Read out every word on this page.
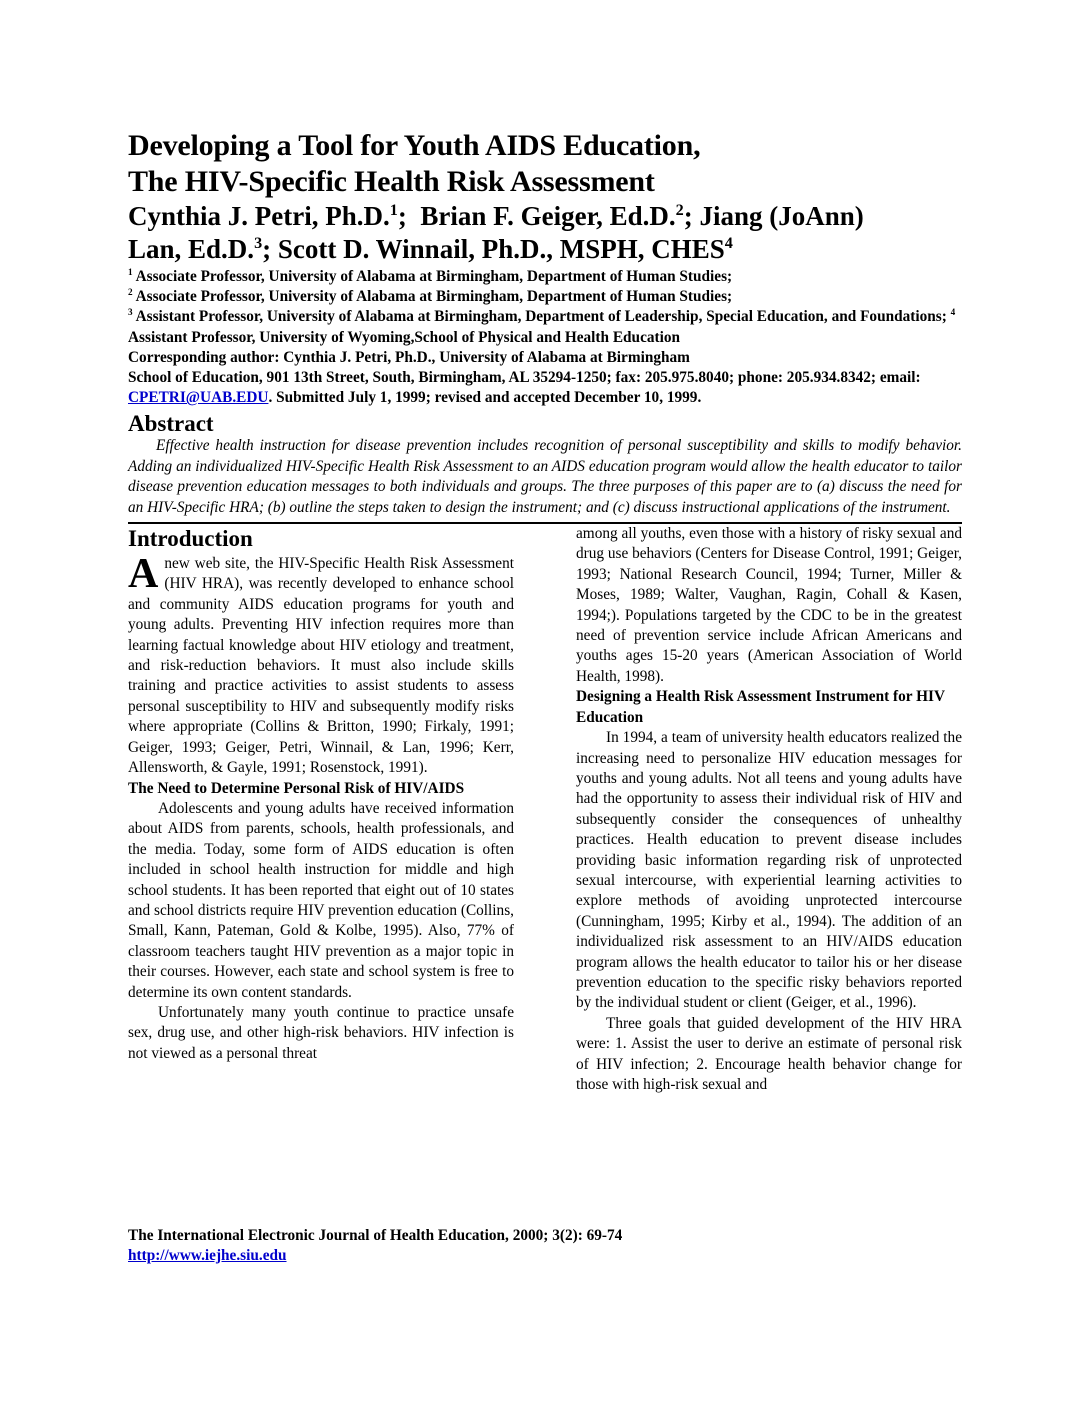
Developing a Tool for Youth AIDS Education,
The HIV-Specific Health Risk Assessment
Cynthia J. Petri, Ph.D.$^1$;  Brian F. Geiger, Ed.D.$^2$; Jiang (JoAnn)
Lan, Ed.D.$^3$; Scott D. Winnail, Ph.D., MSPH, CHES$^4$
$^1$ Associate Professor, University of Alabama at Birmingham, Department of Human Studies;
$^2$ Associate Professor, University of Alabama at Birmingham, Department of Human Studies;
$^3$ Assistant Professor, University of Alabama at Birmingham, Department of Leadership, Special Education, and Foundations; $^4$ Assistant Professor, University of Wyoming,School of Physical and Health Education
Corresponding author: Cynthia J. Petri, Ph.D., University of Alabama at Birmingham
School of Education, 901 13th Street, South, Birmingham, AL 35294-1250; fax: 205.975.8040; phone: 205.934.8342; email: CPETRI@UAB.EDU. Submitted July 1, 1999; revised and accepted December 10, 1999.
Abstract

Effective health instruction for disease prevention includes recognition of personal susceptibility and skills to modify behavior. Adding an individualized HIV-Specific Health Risk Assessment to an AIDS education program would allow the health educator to tailor disease prevention education messages to both individuals and groups. The three purposes of this paper are to (a) discuss the need for an HIV-Specific HRA; (b) outline the steps taken to design the instrument; and (c) discuss instructional applications of the instrument.

Introduction

A new web site, the HIV-Specific Health Risk Assessment (HIV HRA), was recently developed to enhance school and community AIDS education programs for youth and young adults. Preventing HIV infection requires more than learning factual knowledge about HIV etiology and treatment, and risk-reduction behaviors. It must also include skills training and practice activities to assist students to assess personal susceptibility to HIV and subsequently modify risks where appropriate (Collins & Britton, 1990; Firkaly, 1991; Geiger, 1993; Geiger, Petri, Winnail, & Lan, 1996; Kerr, Allensworth, & Gayle, 1991; Rosenstock, 1991).

The Need to Determine Personal Risk of HIV/AIDS

Adolescents and young adults have received information about AIDS from parents, schools, health professionals, and the media. Today, some form of AIDS education is often included in school health instruction for middle and high school students. It has been reported that eight out of 10 states and school districts require HIV prevention education (Collins, Small, Kann, Pateman, Gold & Kolbe, 1995). Also, 77% of classroom teachers taught HIV prevention as a major topic in their courses. However, each state and school system is free to determine its own content standards.

Unfortunately many youth continue to practice unsafe sex, drug use, and other high-risk behaviors. HIV infection is not viewed as a personal threat

among all youths, even those with a history of risky sexual and drug use behaviors (Centers for Disease Control, 1991; Geiger, 1993; National Research Council, 1994; Turner, Miller & Moses, 1989; Walter, Vaughan, Ragin, Cohall & Kasen, 1994;). Populations targeted by the CDC to be in the greatest need of prevention service include African Americans and youths ages 15-20 years (American Association of World Health, 1998).

Designing a Health Risk Assessment Instrument for HIV Education

In 1994, a team of university health educators realized the increasing need to personalize HIV education messages for youths and young adults. Not all teens and young adults have had the opportunity to assess their individual risk of HIV and subsequently consider the consequences of unhealthy practices. Health education to prevent disease includes providing basic information regarding risk of unprotected sexual intercourse, with experiential learning activities to explore methods of avoiding unprotected intercourse (Cunningham, 1995; Kirby et al., 1994). The addition of an individualized risk assessment to an HIV/AIDS education program allows the health educator to tailor his or her disease prevention education to the specific risky behaviors reported by the individual student or client (Geiger, et al., 1996).

Three goals that guided development of the HIV HRA were: 1. Assist the user to derive an estimate of personal risk of HIV infection; 2. Encourage health behavior change for those with high-risk sexual and

The International Electronic Journal of Health Education, 2000; 3(2): 69-74
http://www.iejhe.siu.edu
